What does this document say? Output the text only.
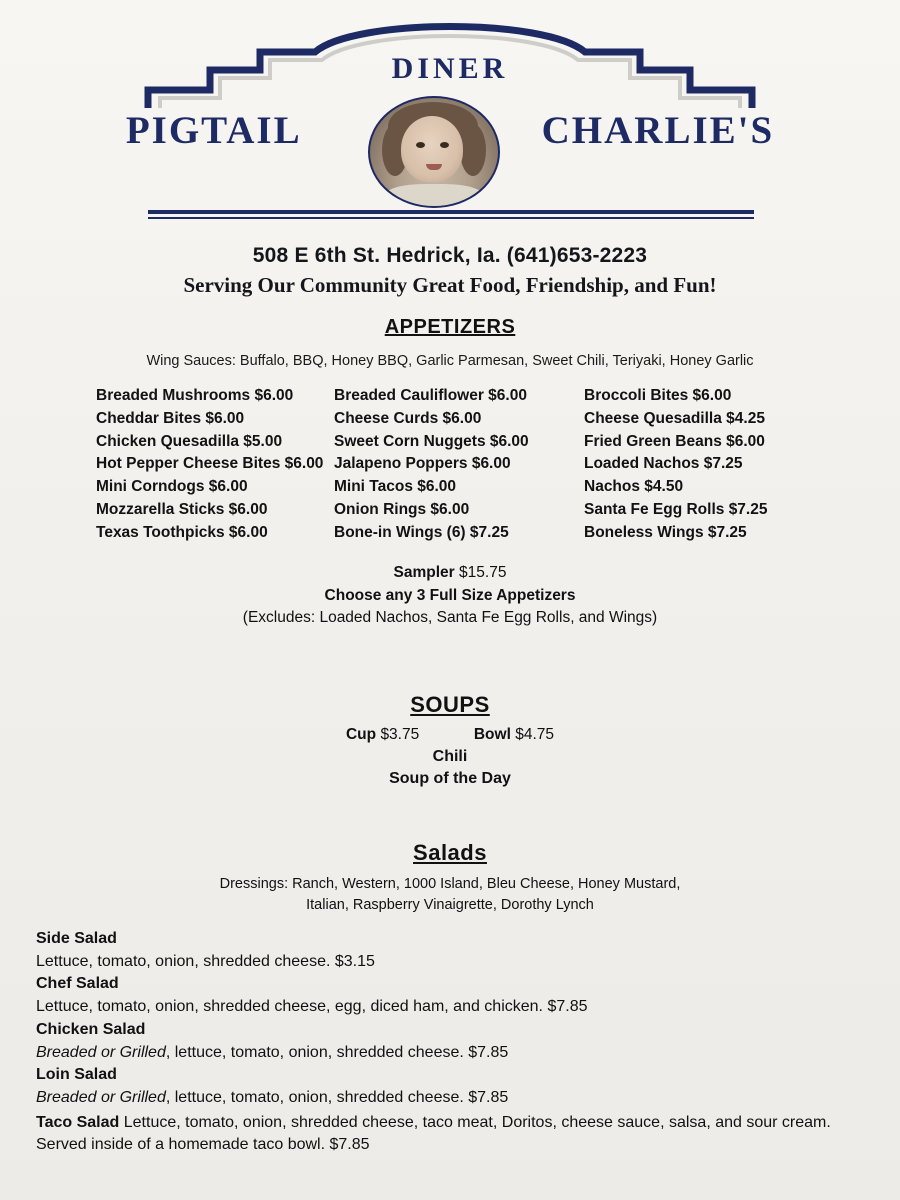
DINER
PIGTAIL	CHARLIE'S
508 E 6th St. Hedrick, Ia. (641)653-2223
Serving Our Community Great Food, Friendship, and Fun!
APPETIZERS
Wing Sauces: Buffalo, BBQ, Honey BBQ, Garlic Parmesan, Sweet Chili, Teriyaki, Honey Garlic
Breaded Mushrooms $6.00
Cheddar Bites $6.00
Chicken Quesadilla $5.00
Hot Pepper Cheese Bites $6.00
Mini Corndogs $6.00
Mozzarella Sticks $6.00
Texas Toothpicks $6.00
Breaded Cauliflower $6.00
Cheese Curds $6.00
Sweet Corn Nuggets $6.00
Jalapeno Poppers $6.00
Mini Tacos $6.00
Onion Rings $6.00
Bone-in Wings (6) $7.25
Broccoli Bites $6.00
Cheese Quesadilla $4.25
Fried Green Beans $6.00
Loaded Nachos $7.25
Nachos $4.50
Santa Fe Egg Rolls $7.25
Boneless Wings $7.25
Sampler $15.75
Choose any 3 Full Size Appetizers
(Excludes: Loaded Nachos, Santa Fe Egg Rolls, and Wings)
SOUPS
Cup $3.75	Bowl $4.75
Chili
Soup of the Day
Salads
Dressings: Ranch, Western, 1000 Island, Bleu Cheese, Honey Mustard,
Italian, Raspberry Vinaigrette, Dorothy Lynch
Side Salad
Lettuce, tomato, onion, shredded cheese. $3.15
Chef Salad
Lettuce, tomato, onion, shredded cheese, egg, diced ham, and chicken. $7.85
Chicken Salad
Breaded or Grilled, lettuce, tomato, onion, shredded cheese. $7.85
Loin Salad
Breaded or Grilled, lettuce, tomato, onion, shredded cheese. $7.85
Taco Salad Lettuce, tomato, onion, shredded cheese, taco meat, Doritos, cheese sauce, salsa, and sour cream.
Served inside of a homemade taco bowl. $7.85
